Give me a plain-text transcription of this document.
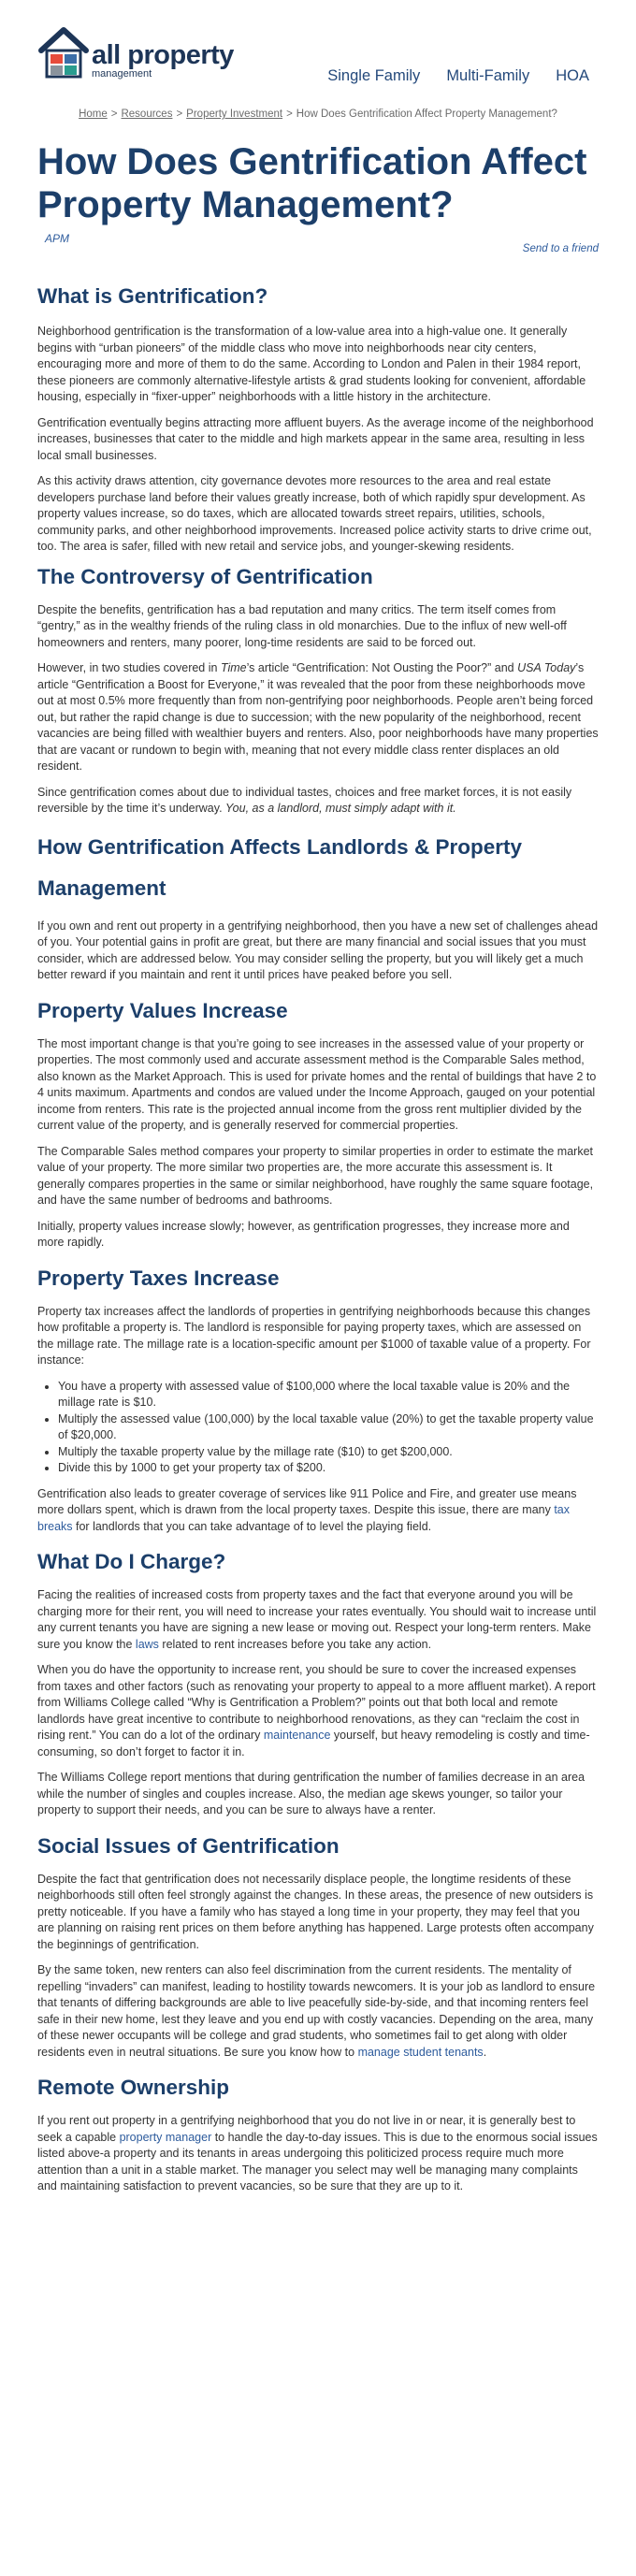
all property
management	Single Family Multi-Family HOA
Home > Resources > Property Investment > How Does Gentrification Affect Property Management?
How Does Gentrification Affect Property Management?
APM
Send to a friend
What is Gentrification?

Neighborhood gentrification is the transformation of a low-value area into a high-value one. It generally begins with “urban pioneers” of the middle class who move into neighborhoods near city centers, encouraging more and more of them to do the same. According to London and Palen in their 1984 report, these pioneers are commonly alternative-lifestyle artists & grad students looking for convenient, affordable housing, especially in “fixer-upper” neighborhoods with a little history in the architecture.

Gentrification eventually begins attracting more affluent buyers. As the average income of the neighborhood increases, businesses that cater to the middle and high markets appear in the same area, resulting in less local small businesses.

As this activity draws attention, city governance devotes more resources to the area and real estate developers purchase land before their values greatly increase, both of which rapidly spur development. As property values increase, so do taxes, which are allocated towards street repairs, utilities, schools, community parks, and other neighborhood improvements. Increased police activity starts to drive crime out, too. The area is safer, filled with new retail and service jobs, and younger-skewing residents.

The Controversy of Gentrification

Despite the benefits, gentrification has a bad reputation and many critics. The term itself comes from “gentry,” as in the wealthy friends of the ruling class in old monarchies. Due to the influx of new well-off homeowners and renters, many poorer, long-time residents are said to be forced out.

However, in two studies covered in Time’s article “Gentrification: Not Ousting the Poor?” and USA Today’s article “Gentrification a Boost for Everyone,” it was revealed that the poor from these neighborhoods move out at most 0.5% more frequently than from non-gentrifying poor neighborhoods. People aren’t being forced out, but rather the rapid change is due to succession; with the new popularity of the neighborhood, recent vacancies are being filled with wealthier buyers and renters. Also, poor neighborhoods have many properties that are vacant or rundown to begin with, meaning that not every middle class renter displaces an old resident.

Since gentrification comes about due to individual tastes, choices and free market forces, it is not easily reversible by the time it’s underway. You, as a landlord, must simply adapt with it.

How Gentrification Affects Landlords & Property Management

If you own and rent out property in a gentrifying neighborhood, then you have a new set of challenges ahead of you. Your potential gains in profit are great, but there are many financial and social issues that you must consider, which are addressed below. You may consider selling the property, but you will likely get a much better reward if you maintain and rent it until prices have peaked before you sell.

Property Values Increase

The most important change is that you’re going to see increases in the assessed value of your property or properties. The most commonly used and accurate assessment method is the Comparable Sales method, also known as the Market Approach. This is used for private homes and the rental of buildings that have 2 to 4 units maximum. Apartments and condos are valued under the Income Approach, gauged on your potential income from renters. This rate is the projected annual income from the gross rent multiplier divided by the current value of the property, and is generally reserved for commercial properties.

The Comparable Sales method compares your property to similar properties in order to estimate the market value of your property. The more similar two properties are, the more accurate this assessment is. It generally compares properties in the same or similar neighborhood, have roughly the same square footage, and have the same number of bedrooms and bathrooms.

Initially, property values increase slowly; however, as gentrification progresses, they increase more and more rapidly.

Property Taxes Increase

Property tax increases affect the landlords of properties in gentrifying neighborhoods because this changes how profitable a property is. The landlord is responsible for paying property taxes, which are assessed on the millage rate. The millage rate is a location-specific amount per $1000 of taxable value of a property. For instance:

• You have a property with assessed value of $100,000 where the local taxable value is 20% and the millage rate is $10.
• Multiply the assessed value (100,000) by the local taxable value (20%) to get the taxable property value of $20,000.
• Multiply the taxable property value by the millage rate ($10) to get $200,000.
• Divide this by 1000 to get your property tax of $200.

Gentrification also leads to greater coverage of services like 911 Police and Fire, and greater use means more dollars spent, which is drawn from the local property taxes. Despite this issue, there are many tax breaks for landlords that you can take advantage of to level the playing field.

What Do I Charge?

Facing the realities of increased costs from property taxes and the fact that everyone around you will be charging more for their rent, you will need to increase your rates eventually. You should wait to increase until any current tenants you have are signing a new lease or moving out. Respect your long-term renters. Make sure you know the laws related to rent increases before you take any action.

When you do have the opportunity to increase rent, you should be sure to cover the increased expenses from taxes and other factors (such as renovating your property to appeal to a more affluent market). A report from Williams College called “Why is Gentrification a Problem?” points out that both local and remote landlords have great incentive to contribute to neighborhood renovations, as they can “reclaim the cost in rising rent.” You can do a lot of the ordinary maintenance yourself, but heavy remodeling is costly and time-consuming, so don’t forget to factor it in.

The Williams College report mentions that during gentrification the number of families decrease in an area while the number of singles and couples increase. Also, the median age skews younger, so tailor your property to support their needs, and you can be sure to always have a renter.

Social Issues of Gentrification

Despite the fact that gentrification does not necessarily displace people, the longtime residents of these neighborhoods still often feel strongly against the changes. In these areas, the presence of new outsiders is pretty noticeable. If you have a family who has stayed a long time in your property, they may feel that you are planning on raising rent prices on them before anything has happened. Large protests often accompany the beginnings of gentrification.

By the same token, new renters can also feel discrimination from the current residents. The mentality of repelling “invaders” can manifest, leading to hostility towards newcomers. It is your job as landlord to ensure that tenants of differing backgrounds are able to live peacefully side-by-side, and that incoming renters feel safe in their new home, lest they leave and you end up with costly vacancies. Depending on the area, many of these newer occupants will be college and grad students, who sometimes fail to get along with older residents even in neutral situations. Be sure you know how to manage student tenants.

Remote Ownership

If you rent out property in a gentrifying neighborhood that you do not live in or near, it is generally best to seek a capable property manager to handle the day-to-day issues. This is due to the enormous social issues listed above-a property and its tenants in areas undergoing this politicized process require much more attention than a unit in a stable market. The manager you select may well be managing many complaints and maintaining satisfaction to prevent vacancies, so be sure that they are up to it.
